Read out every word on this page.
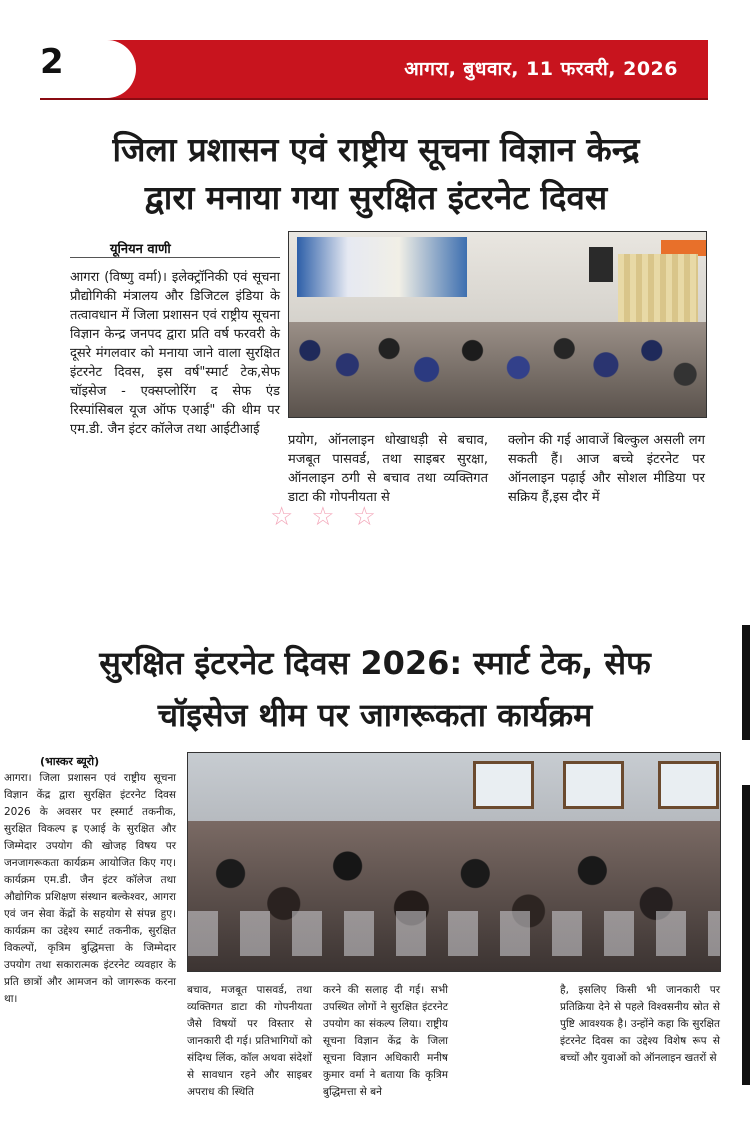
2	आगरा, बुधवार, 11 फरवरी, 2026
जिला प्रशासन एवं राष्ट्रीय सूचना विज्ञान केन्द्र
द्वारा मनाया गया सुरक्षित इंटरनेट दिवस
यूनियन वाणी
आगरा (विष्णु वर्मा)। इलेक्ट्रॉनिकी एवं सूचना प्रौद्योगिकी मंत्रालय और डिजिटल इंडिया के तत्वावधान में जिला प्रशासन एवं राष्ट्रीय सूचना विज्ञान केन्द्र जनपद द्वारा प्रति वर्ष फरवरी के दूसरे मंगलवार को मनाया जाने वाला सुरक्षित इंटरनेट दिवस, इस वर्ष"स्मार्ट टेक,सेफ चॉइसेज - एक्सप्लोरिंग द सेफ एंड रिस्पांसिबल यूज ऑफ एआई" की थीम पर एम.डी. जैन इंटर कॉलेज तथा आईटीआई
प्रयोग, ऑनलाइन धोखाधड़ी से बचाव, मजबूत पासवर्ड, तथा साइबर सुरक्षा, ऑनलाइन ठगी से बचाव तथा व्यक्तिगत डाटा की गोपनीयता से
क्लोन की गई आवाजें बिल्कुल असली लग सकती हैं। आज बच्चे इंटरनेट पर ऑनलाइन पढ़ाई और सोशल मीडिया पर सक्रिय हैं,इस दौर में
☆☆☆
सुरक्षित इंटरनेट दिवस 2026: स्मार्ट टेक, सेफ
चॉइसेज थीम पर जागरूकता कार्यक्रम
(भास्कर ब्यूरो)
आगरा। जिला प्रशासन एवं राष्ट्रीय सूचना विज्ञान केंद्र द्वारा सुरक्षित इंटरनेट दिवस 2026 के अवसर पर ह्स्मार्ट तकनीक, सुरक्षित विकल्प ह्र एआई के सुरक्षित और जिम्मेदार उपयोग की खोजह विषय पर जनजागरूकता कार्यक्रम आयोजित किए गए। कार्यक्रम एम.डी. जैन इंटर कॉलेज तथा औद्योगिक प्रशिक्षण संस्थान बल्केश्वर, आगरा एवं जन सेवा केंद्रों के सहयोग से संपन्न हुए। कार्यक्रम का उद्देश्य स्मार्ट तकनीक, सुरक्षित विकल्पों, कृत्रिम बुद्धिमत्ता के जिम्मेदार उपयोग तथा सकारात्मक इंटरनेट व्यवहार के प्रति छात्रों और आमजन को जागरूक करना था।
बचाव, मजबूत पासवर्ड, तथा व्यक्तिगत डाटा की गोपनीयता जैसे विषयों पर विस्तार से जानकारी दी गई। प्रतिभागियों को संदिग्ध लिंक, कॉल अथवा संदेशों से सावधान रहने और साइबर अपराध की स्थिति
करने की सलाह दी गई। सभी उपस्थित लोगों ने सुरक्षित इंटरनेट उपयोग का संकल्प लिया। राष्ट्रीय सूचना विज्ञान केंद्र के जिला सूचना विज्ञान अधिकारी मनीष कुमार वर्मा ने बताया कि कृत्रिम बुद्धिमत्ता से बने
है, इसलिए किसी भी जानकारी पर प्रतिक्रिया देने से पहले विश्वसनीय स्रोत से पुष्टि आवश्यक है। उन्होंने कहा कि सुरक्षित इंटरनेट दिवस का उद्देश्य विशेष रूप से बच्चों और युवाओं को ऑनलाइन खतरों से
